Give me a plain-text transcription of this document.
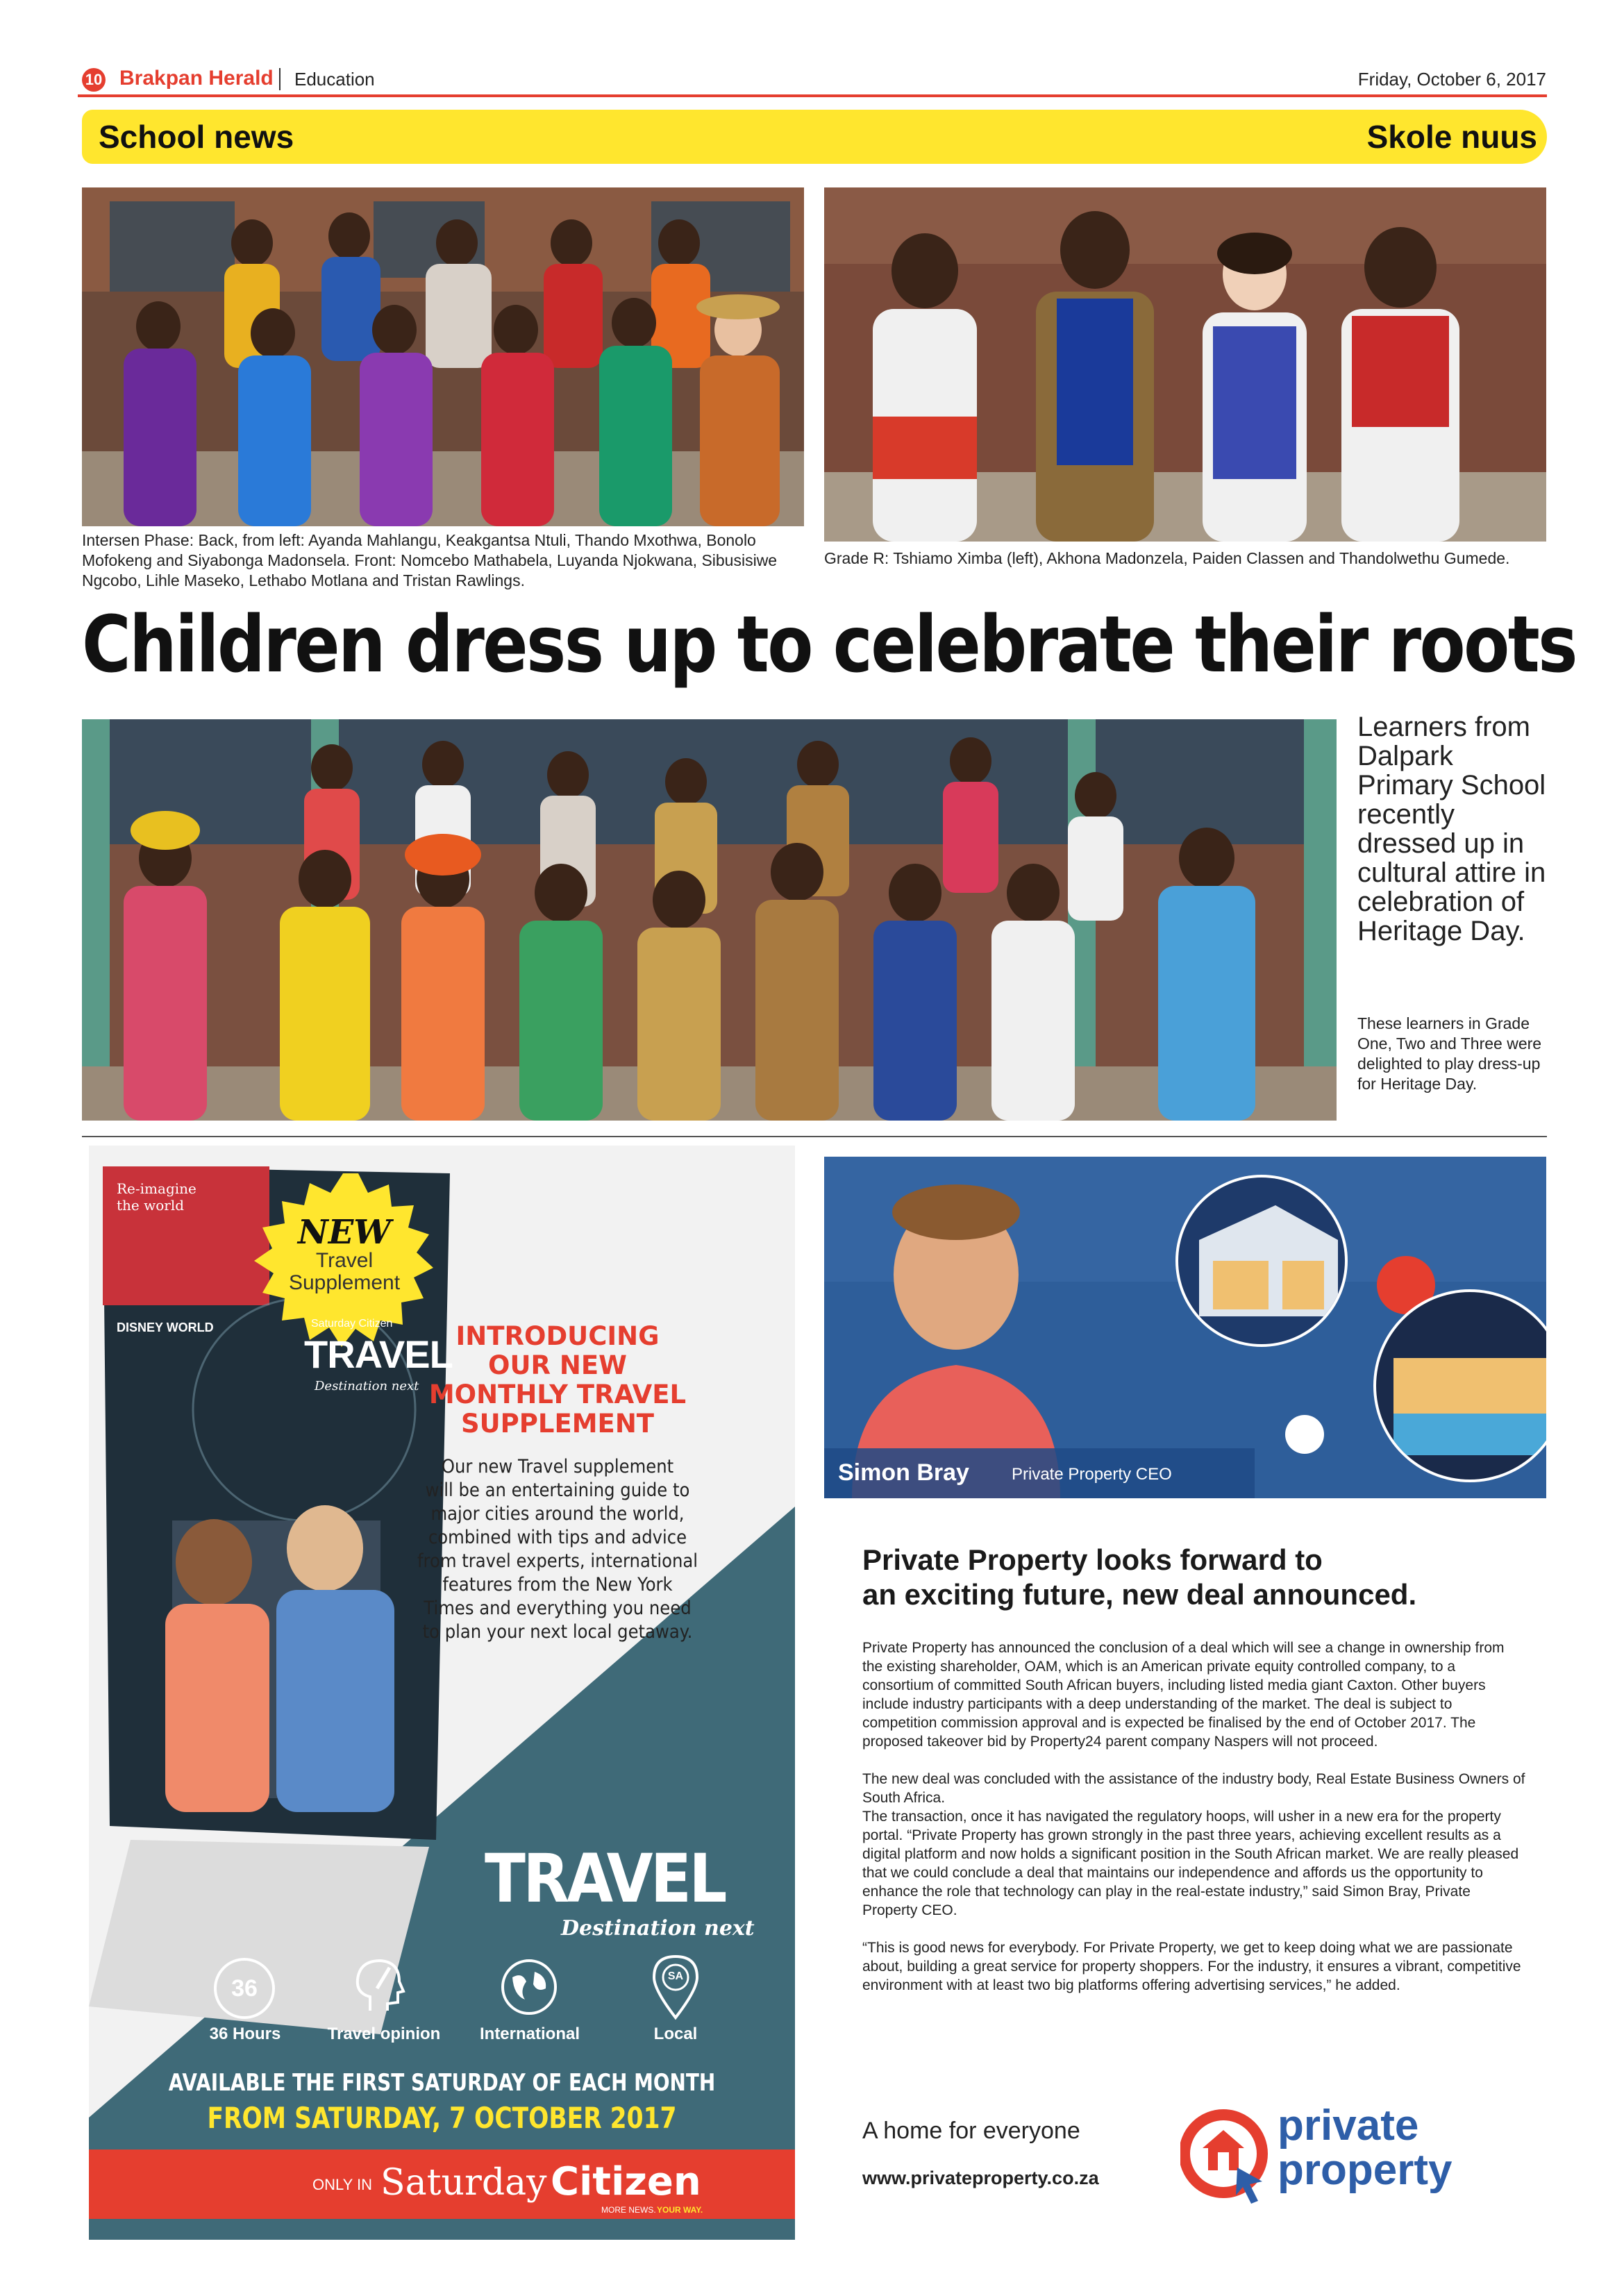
10 Brakpan Herald Education	Friday, October 6, 2017
School news	Skole nuus
Intersen Phase: Back, from left: Ayanda Mahlangu, Keakgantsa Ntuli, Thando Mxothwa, Bonolo Mofokeng and Siyabonga Madonsela. Front: Nomcebo Mathabela, Luyanda Njokwana, Sibusisiwe Ngcobo, Lihle Maseko, Lethabo Motlana and Tristan Rawlings.
Grade R: Tshiamo Ximba (left), Akhona Madonzela, Paiden Classen and Thandolwethu Gumede.
Children dress up to celebrate their roots
Learners from Dalpark Primary School recently dressed up in cultural attire in celebration of Heritage Day.
These learners in Grade One, Two and Three were delighted to play dress-up for Heritage Day.
Re-imagine
the world
DISNEY WORLD	Saturday Citizen
TRAVEL
Destination next
NEW
Travel
Supplement
INTRODUCING
OUR NEW
MONTHLY TRAVEL
SUPPLEMENT
Our new Travel supplement
will be an entertaining guide to
major cities around the world,
combined with tips and advice
from travel experts, international
features from the New York
Times and everything you need
to plan your next local getaway.
TRAVEL
Destination next
36
36 Hours	Travel opinion	International
SA
Local
AVAILABLE THE FIRST SATURDAY OF EACH MONTH
FROM SATURDAY, 7 OCTOBER 2017
ONLY IN Saturday Citizen
MORE NEWS. YOUR WAY.
Simon Bray	Private Property CEO
Private Property looks forward to
an exciting future, new deal announced.

Private Property has announced the conclusion of a deal which will see a change in ownership from the existing shareholder, OAM, which is an American private equity controlled company, to a consortium of committed South African buyers, including listed media giant Caxton. Other buyers include industry participants with a deep understanding of the market. The deal is subject to competition commission approval and is expected be finalised by the end of October 2017. The proposed takeover bid by Property24 parent company Naspers will not proceed.

The new deal was concluded with the assistance of the industry body, Real Estate Business Owners of South Africa.

The transaction, once it has navigated the regulatory hoops, will usher in a new era for the property portal. “Private Property has grown strongly in the past three years, achieving excellent results as a digital platform and now holds a significant position in the South African market. We are really pleased that we could conclude a deal that maintains our independence and affords us the opportunity to enhance the role that technology can play in the real-estate industry,” said Simon Bray, Private Property CEO.

“This is good news for everybody. For Private Property, we get to keep doing what we are passionate about, building a great service for property shoppers. For the industry, it ensures a vibrant, competitive environment with at least two big platforms offering advertising services,” he added.

A home for everyone
www.privateproperty.co.za
private
property
